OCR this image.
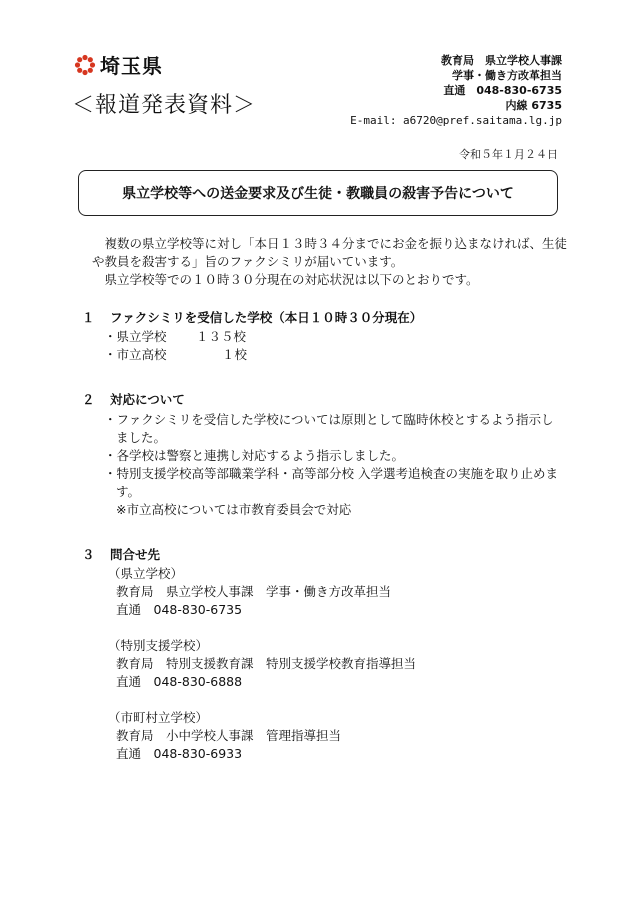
埼玉県
＜報道発表資料＞
教育局　県立学校人事課
学事・働き方改革担当
直通　048-830-6735
内線 6735
E-mail: a6720@pref.saitama.lg.jp
令和５年１月２４日
県立学校等への送金要求及び生徒・教職員の殺害予告について

複数の県立学校等に対し「本日１３時３４分までにお金を振り込まなければ、生徒や教員を殺害する」旨のファクシミリが届いています。

県立学校等での１０時３０分現在の対応状況は以下のとおりです。

１ ファクシミリを受信した学校（本日１０時３０分現在）
・県立学校 １３５校
・市立高校	１校
２ 対応について
・ファクシミリを受信した学校については原則として臨時休校とするよう指示しました。
・各学校は警察と連携し対応するよう指示しました。
・特別支援学校高等部職業学科・高等部分校 入学選考追検査の実施を取り止めます。
※市立高校については市教育委員会で対応
３ 問合せ先
（県立学校）
教育局　県立学校人事課　学事・働き方改革担当
直通　048-830-6735
（特別支援学校）
教育局　特別支援教育課　特別支援学校教育指導担当
直通　048-830-6888
（市町村立学校）
教育局　小中学校人事課　管理指導担当
直通　048-830-6933
